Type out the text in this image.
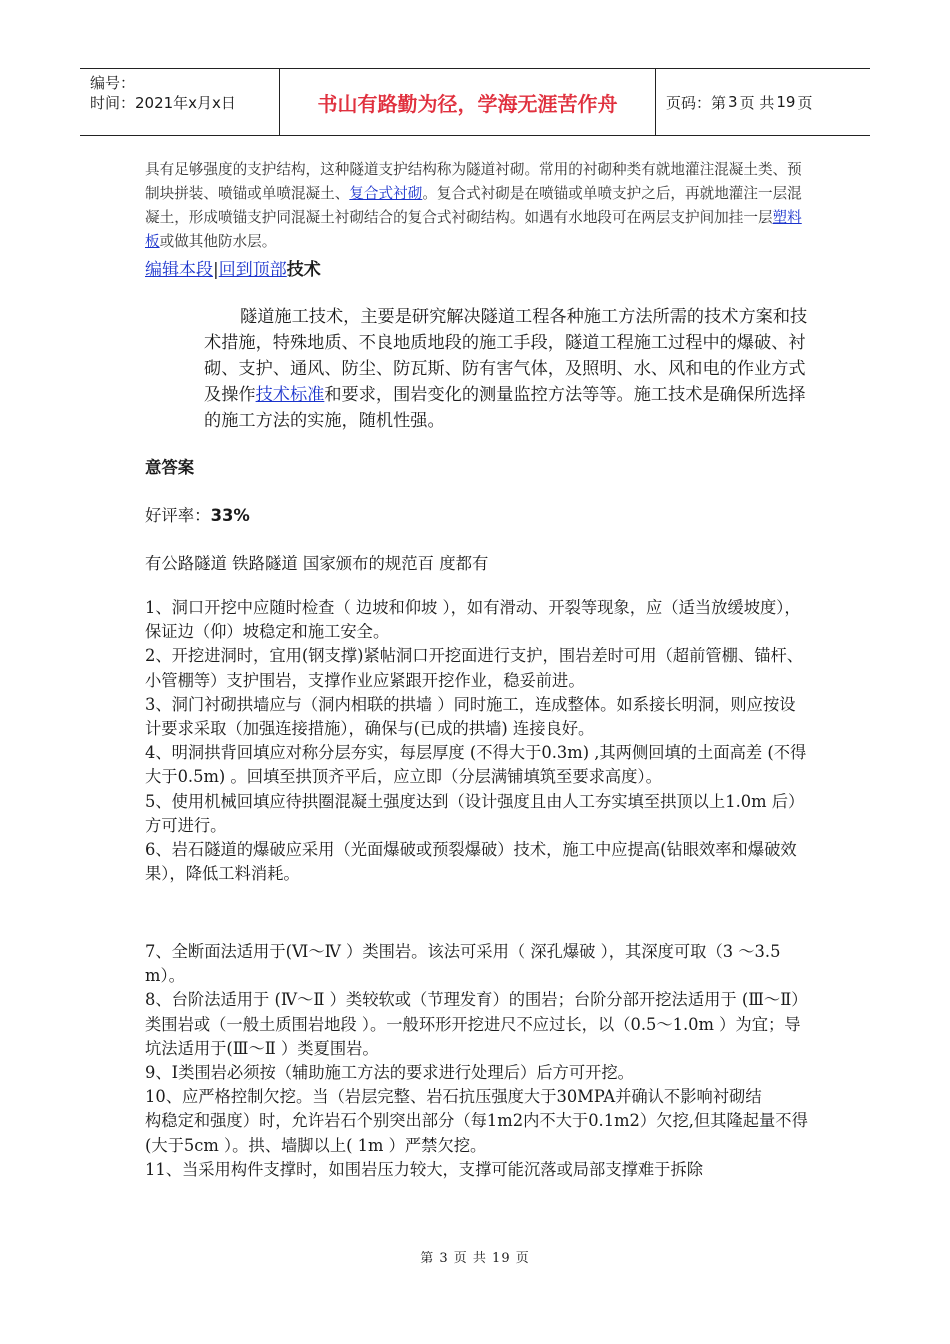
编号：
时间：2021年x月x日	书山有路勤为径，学海无涯苦作舟	页码：第 3 页 共 19 页
具有足够强度的支护结构，这种隧道支护结构称为隧道衬砌。常用的衬砌种类有就地灌注混凝土类、预制块拼装、喷锚或单喷混凝土、复合式衬砌。复合式衬砌是在喷锚或单喷支护之后，再就地灌注一层混凝土，形成喷锚支护同混凝土衬砌结合的复合式衬砌结构。如遇有水地段可在两层支护间加挂一层塑料板或做其他防水层。
编辑本段|回到顶部技术
隧道施工技术，主要是研究解决隧道工程各种施工方法所需的技术方案和技术措施，特殊地质、不良地质地段的施工手段，隧道工程施工过程中的爆破、衬砌、支护、通风、防尘、防瓦斯、防有害气体，及照明、水、风和电的作业方式及操作技术标准和要求，围岩变化的测量监控方法等等。施工技术是确保所选择的施工方法的实施，随机性强。
意答案
好评率：33%
有公路隧道 铁路隧道 国家颁布的规范百 度都有

1、洞口开挖中应随时检查（ 边坡和仰坡 ），如有滑动、开裂等现象，应（适当放缓坡度），保证边（仰）坡稳定和施工安全。

2、开挖进洞时，宜用(钢支撑)紧帖洞口开挖面进行支护，围岩差时可用（超前管棚、锚杆、小管棚等）支护围岩，支撑作业应紧跟开挖作业，稳妥前进。

3、洞门衬砌拱墙应与（洞内相联的拱墙 ）同时施工，连成整体。如系接长明洞，则应按设计要求采取（加强连接措施），确保与(已成的拱墙) 连接良好。

4、明洞拱背回填应对称分层夯实，每层厚度 (不得大于0.3m) ,其两侧回填的土面高差 (不得大于0.5m) 。回填至拱顶齐平后，应立即（分层满铺填筑至要求高度）。

5、使用机械回填应待拱圈混凝土强度达到（设计强度且由人工夯实填至拱顶以上1.0m 后）方可进行。

6、岩石隧道的爆破应采用（光面爆破或预裂爆破）技术，施工中应提高(钻眼效率和爆破效果），降低工料消耗。

7、全断面法适用于(Ⅵ～Ⅳ ）类围岩。该法可采用（ 深孔爆破 ），其深度可取（3 ～3.5m）。

8、台阶法适用于 (Ⅳ～Ⅱ ）类较软或（节理发育）的围岩；台阶分部开挖法适用于 (Ⅲ～Ⅱ）类围岩或（一般土质围岩地段 ）。一般环形开挖进尺不应过长，以（0.5～1.0m ）为宜；导坑法适用于(Ⅲ～Ⅱ ）类夏围岩。

9、Ⅰ类围岩必须按（辅助施工方法的要求进行处理后）后方可开挖。

10、应严格控制欠挖。当（岩层完整、岩石抗压强度大于30MPA并确认不影响衬砌结

构稳定和强度）时，允许岩石个别突出部分（每1m2内不大于0.1m2）欠挖,但其隆起量不得(大于5cm ）。拱、墙脚以上( 1m ）严禁欠挖。

11、当采用构件支撑时，如围岩压力较大，支撑可能沉落或局部支撑难于拆除

第 3 页 共 19 页
